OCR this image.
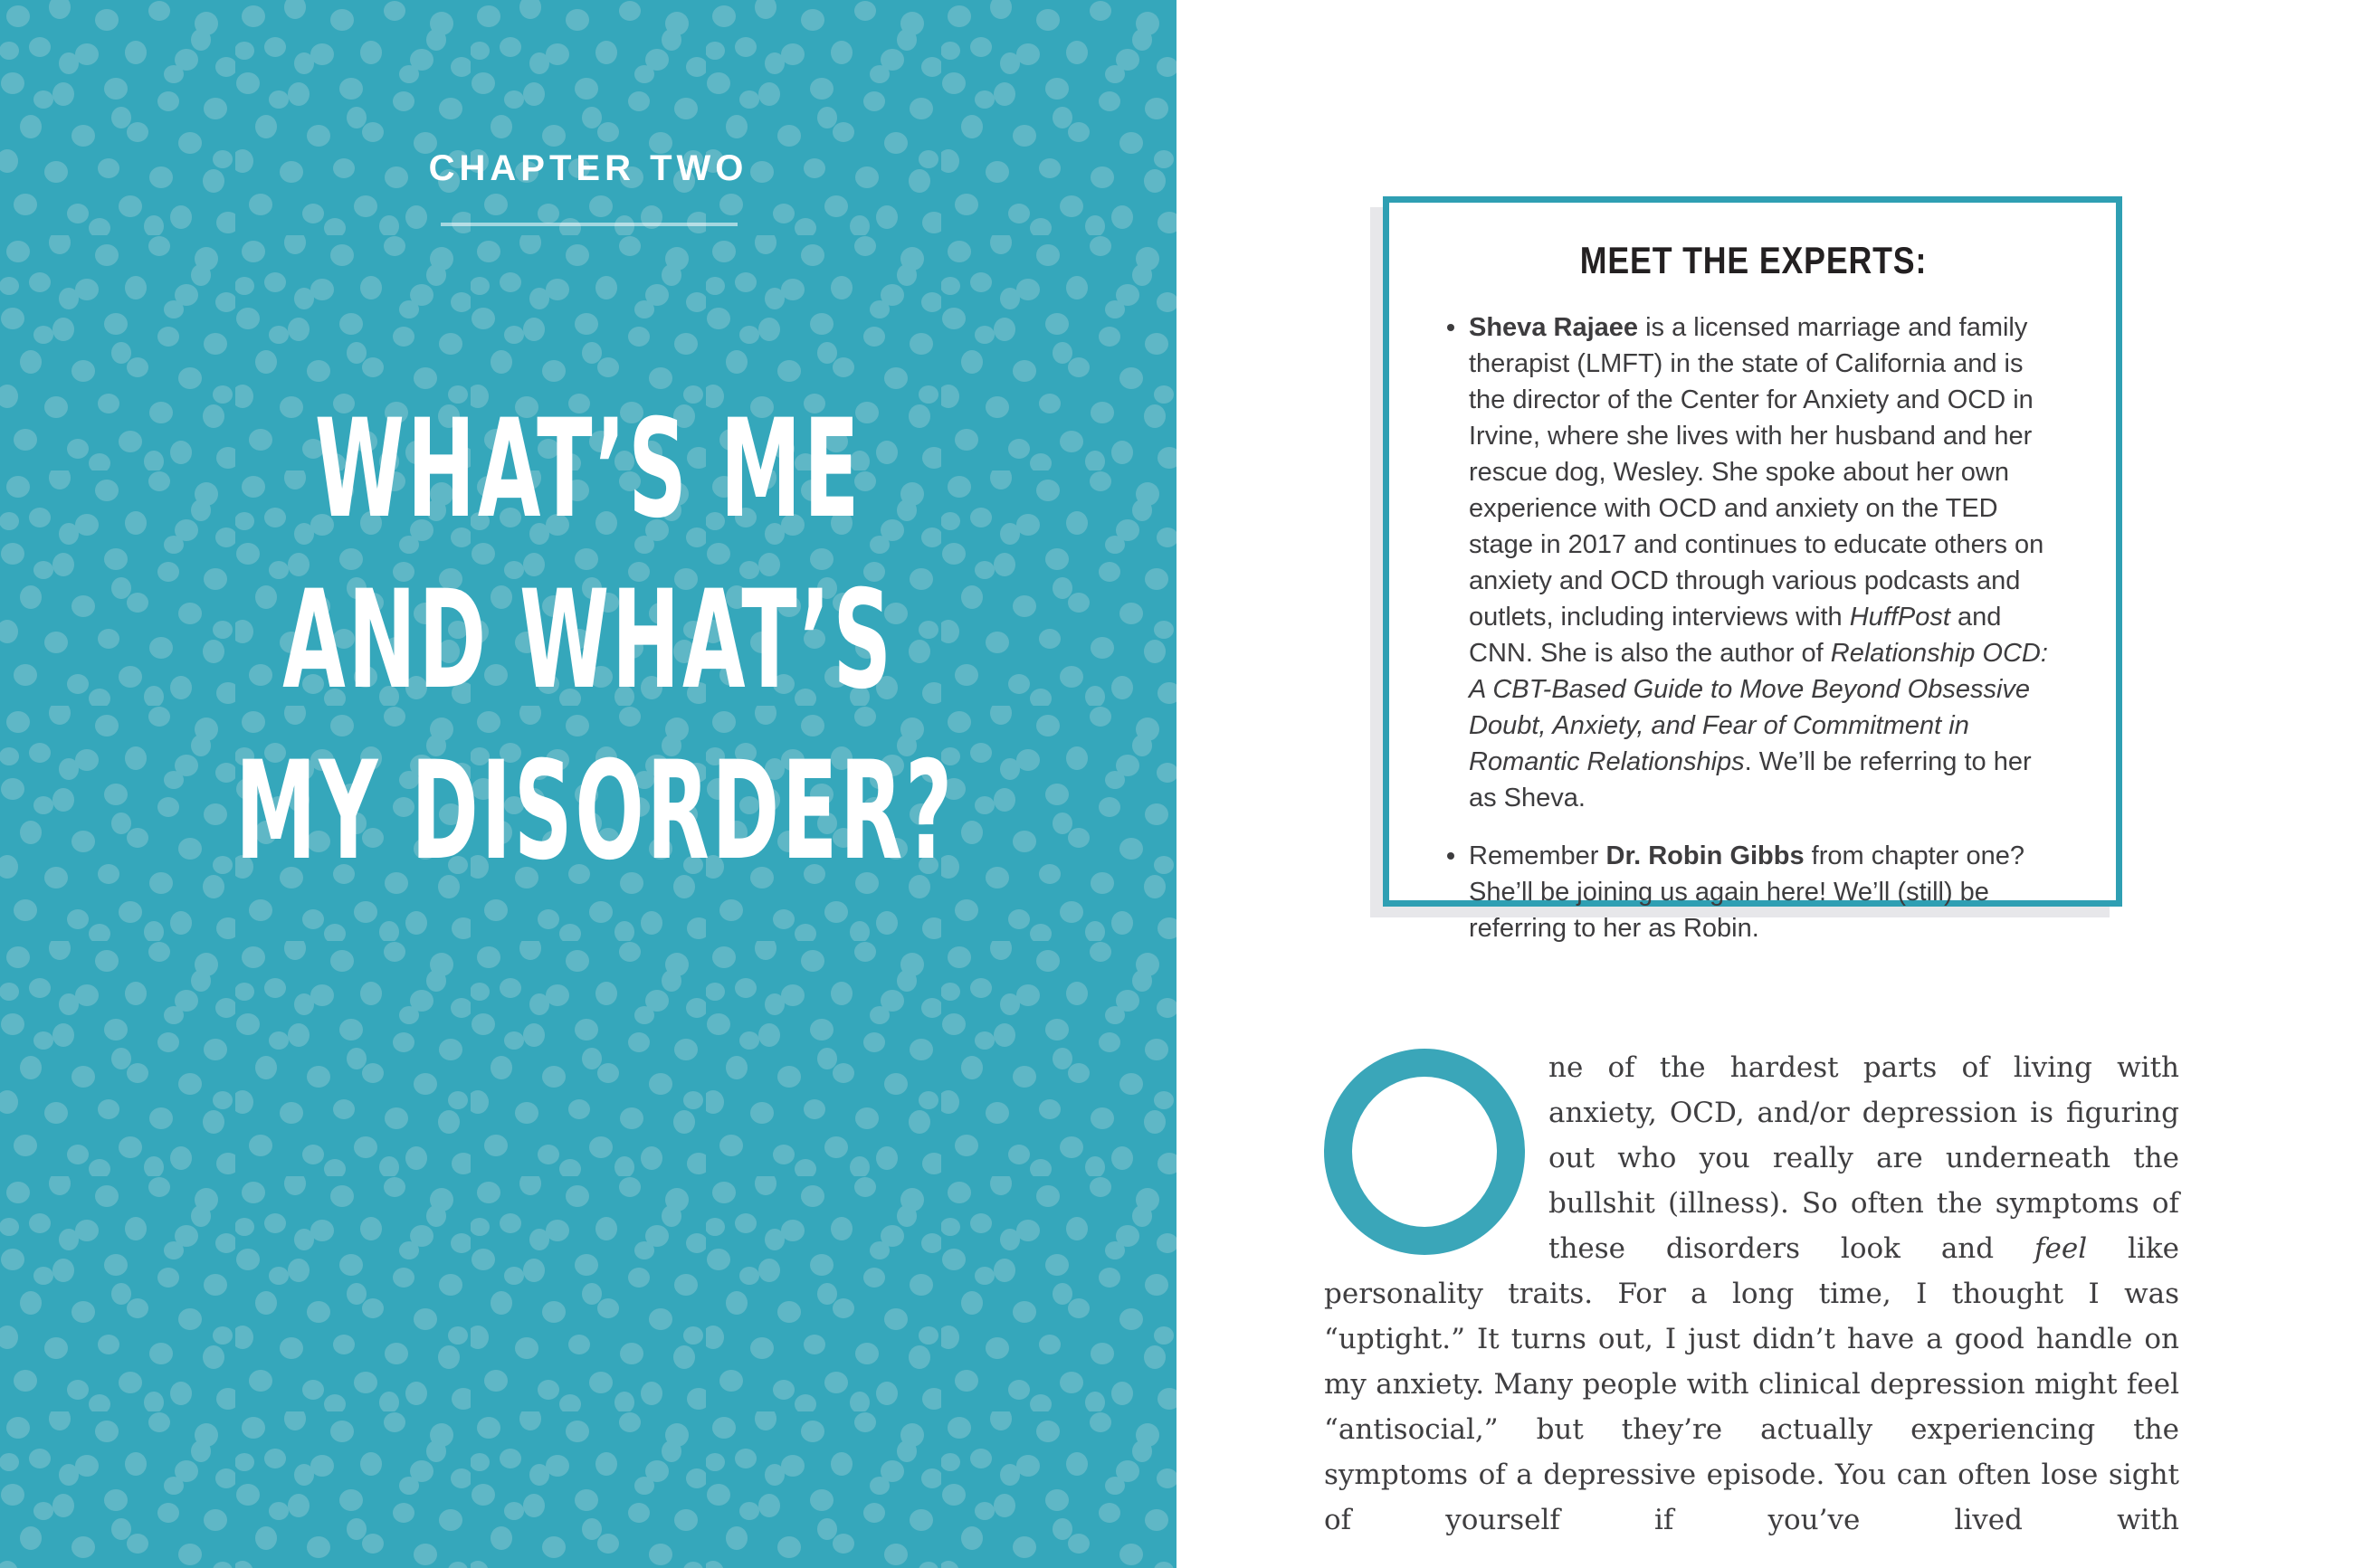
CHAPTER TWO
WHAT’S ME
AND WHAT’S
MY DISORDER?
MEET THE EXPERTS:
Sheva Rajaee is a licensed marriage and family therapist (LMFT) in the state of California and is the director of the Center for Anxiety and OCD in Irvine, where she lives with her husband and her rescue dog, Wesley. She spoke about her own experience with OCD and anxiety on the TED stage in 2017 and continues to educate others on anxiety and OCD through various podcasts and outlets, including interviews with HuffPost and CNN. She is also the author of Relationship OCD: A CBT-Based Guide to Move Beyond Obsessive Doubt, Anxiety, and Fear of Commitment in Romantic Relationships. We’ll be referring to her as Sheva.
Remember Dr. Robin Gibbs from chapter one? She’ll be joining us again here! We’ll (still) be referring to her as Robin.

ne of the hardest parts of living with anxiety, OCD, and/or depression is figuring out who you really are underneath the bullshit (illness). So often the symptoms of these disorders look and feel like personality traits. For a long time, I thought I was “uptight.” It turns out, I just didn’t have a good handle on my anxiety. Many people with clinical depression might feel “antisocial,” but they’re actually experiencing the symptoms of a depressive episode. You can often lose sight of yourself if you’ve lived with
